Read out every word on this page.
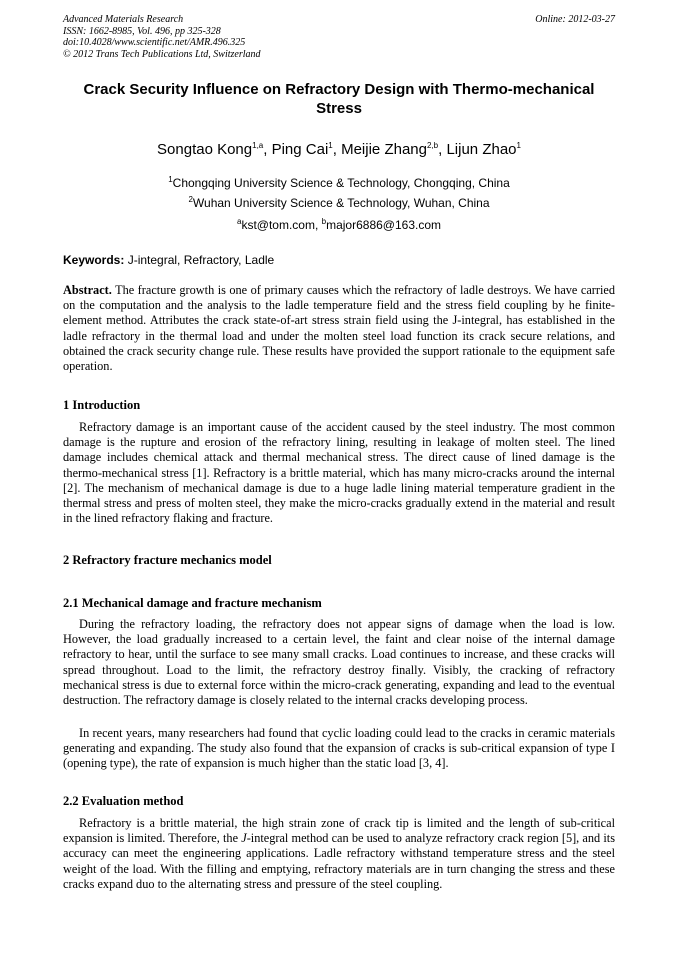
Advanced Materials Research
ISSN: 1662-8985, Vol. 496, pp 325-328
doi:10.4028/www.scientific.net/AMR.496.325
© 2012 Trans Tech Publications Ltd, Switzerland
Online: 2012-03-27
Crack Security Influence on Refractory Design with Thermo-mechanical Stress
Songtao Kong$^{1,a}$, Ping Cai$^1$, Meijie Zhang$^{2,b}$, Lijun Zhao$^1$
$^1$Chongqing University Science & Technology, Chongqing, China
$^2$Wuhan University Science & Technology, Wuhan, China
$^a$kst@tom.com, $^b$major6886@163.com
Keywords: J-integral, Refractory, Ladle
Abstract. The fracture growth is one of primary causes which the refractory of ladle destroys. We have carried on the computation and the analysis to the ladle temperature field and the stress field coupling by he finite-element method. Attributes the crack state-of-art stress strain field using the J-integral, has established in the ladle refractory in the thermal load and under the molten steel load function its crack secure relations, and obtained the crack security change rule. These results have provided the support rationale to the equipment safe operation.
1 Introduction
Refractory damage is an important cause of the accident caused by the steel industry. The most common damage is the rupture and erosion of the refractory lining, resulting in leakage of molten steel. The lined damage includes chemical attack and thermal mechanical stress. The direct cause of lined damage is the thermo-mechanical stress [1]. Refractory is a brittle material, which has many micro-cracks around the internal [2]. The mechanism of mechanical damage is due to a huge ladle lining material temperature gradient in the thermal stress and press of molten steel, they make the micro-cracks gradually extend in the material and result in the lined refractory flaking and fracture.
2 Refractory fracture mechanics model
2.1 Mechanical damage and fracture mechanism
During the refractory loading, the refractory does not appear signs of damage when the load is low. However, the load gradually increased to a certain level, the faint and clear noise of the internal damage refractory to hear, until the surface to see many small cracks. Load continues to increase, and these cracks will spread throughout. Load to the limit, the refractory destroy finally. Visibly, the cracking of refractory mechanical stress is due to external force within the micro-crack generating, expanding and lead to the eventual destruction. The refractory damage is closely related to the internal cracks developing process.
In recent years, many researchers had found that cyclic loading could lead to the cracks in ceramic materials generating and expanding. The study also found that the expansion of cracks is sub-critical expansion of type I (opening type), the rate of expansion is much higher than the static load [3, 4].
2.2 Evaluation method
Refractory is a brittle material, the high strain zone of crack tip is limited and the length of sub-critical expansion is limited. Therefore, the J-integral method can be used to analyze refractory crack region [5], and its accuracy can meet the engineering applications. Ladle refractory withstand temperature stress and the steel weight of the load. With the filling and emptying, refractory materials are in turn changing the stress and these cracks expand duo to the alternating stress and pressure of the steel coupling.
